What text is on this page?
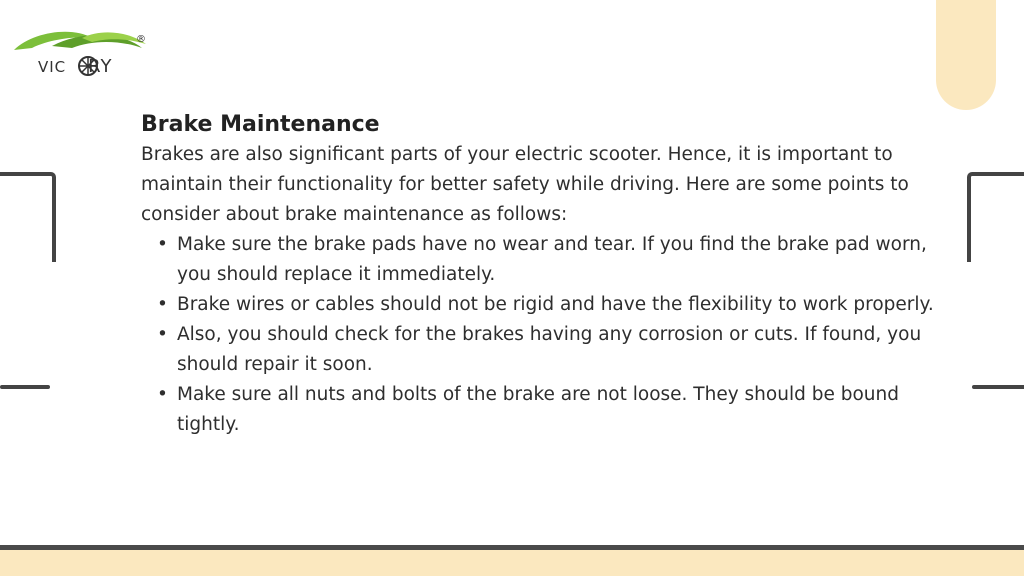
VIC RY
®
Brake Maintenance

Brakes are also significant parts of your electric scooter. Hence, it is important to maintain their functionality for better safety while driving. Here are some points to consider about brake maintenance as follows:

• Make sure the brake pads have no wear and tear. If you find the brake pad worn, you should replace it immediately.
• Brake wires or cables should not be rigid and have the flexibility to work properly.
• Also, you should check for the brakes having any corrosion or cuts. If found, you should repair it soon.
• Make sure all nuts and bolts of the brake are not loose. They should be bound tightly.
